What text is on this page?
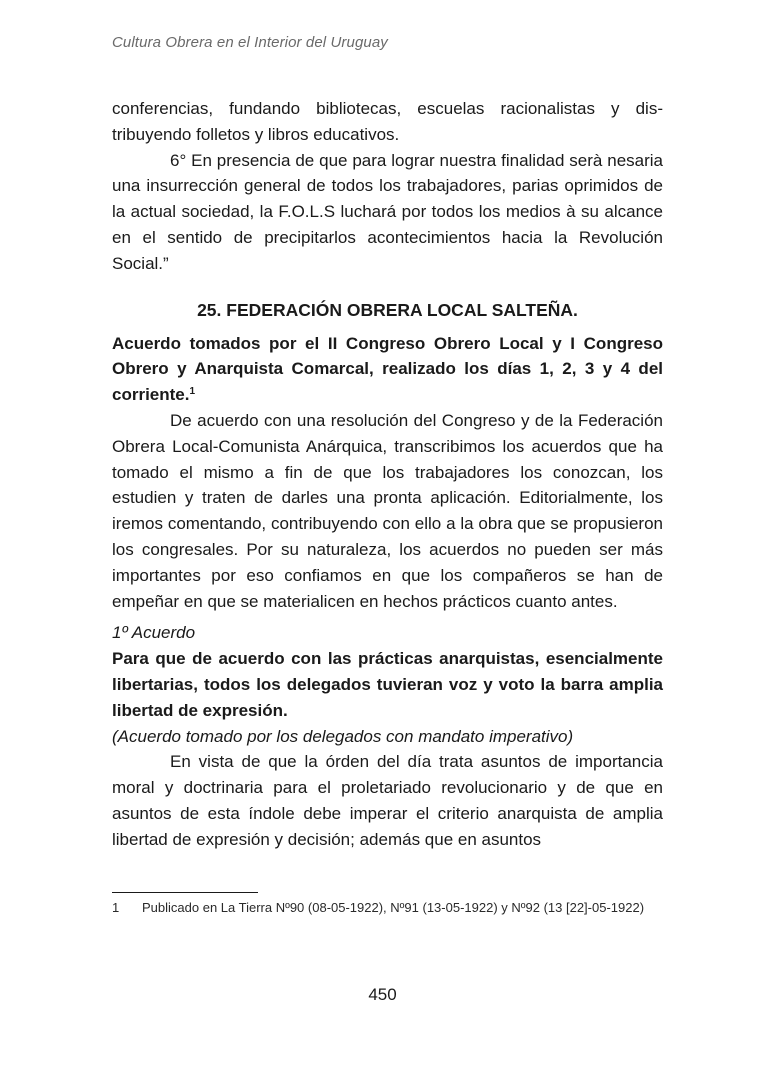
Cultura Obrera en el Interior del Uruguay

conferencias, fundando bibliotecas, escuelas racionalistas y distribuyendo folletos y libros educativos.

6° En presencia de que para lograr nuestra finalidad serà nesaria una insurrección general de todos los trabajadores, parias oprimidos de la actual sociedad, la F.O.L.S luchará por todos los medios à su alcance en el sentido de precipitarlos acontecimientos hacia la Revolución Social.”

25. FEDERACIÓN OBRERA LOCAL SALTEÑA.

Acuerdo tomados por el II Congreso Obrero Local y I Congreso Obrero y Anarquista Comarcal, realizado los días 1, 2, 3 y 4 del corriente.$^1$

De acuerdo con una resolución del Congreso y de la Federación Obrera Local-Comunista Anárquica, transcribimos los acuerdos que ha tomado el mismo a fin de que los trabajadores los conozcan, los estudien y traten de darles una pronta aplicación. Editorialmente, los iremos comentando, contribuyendo con ello a la obra que se propusieron los congresales. Por su naturaleza, los acuerdos no pueden ser más importantes por eso confiamos en que los compañeros se han de empeñar en que se materialicen en hechos prácticos cuanto antes.

1º Acuerdo

Para que de acuerdo con las prácticas anarquistas, esencialmente libertarias, todos los delegados tuvieran voz y voto la barra amplia libertad de expresión.

(Acuerdo tomado por los delegados con mandato imperativo)

En vista de que la órden del día trata asuntos de importancia moral y doctrinaria para el proletariado revolucionario y de que en asuntos de esta índole debe imperar el criterio anarquista de amplia libertad de expresión y decisión; además que en asuntos

1 Publicado en La Tierra Nº90 (08-05-1922), Nº91 (13-05-1922) y Nº92 (13 [22]-05-1922)
450
